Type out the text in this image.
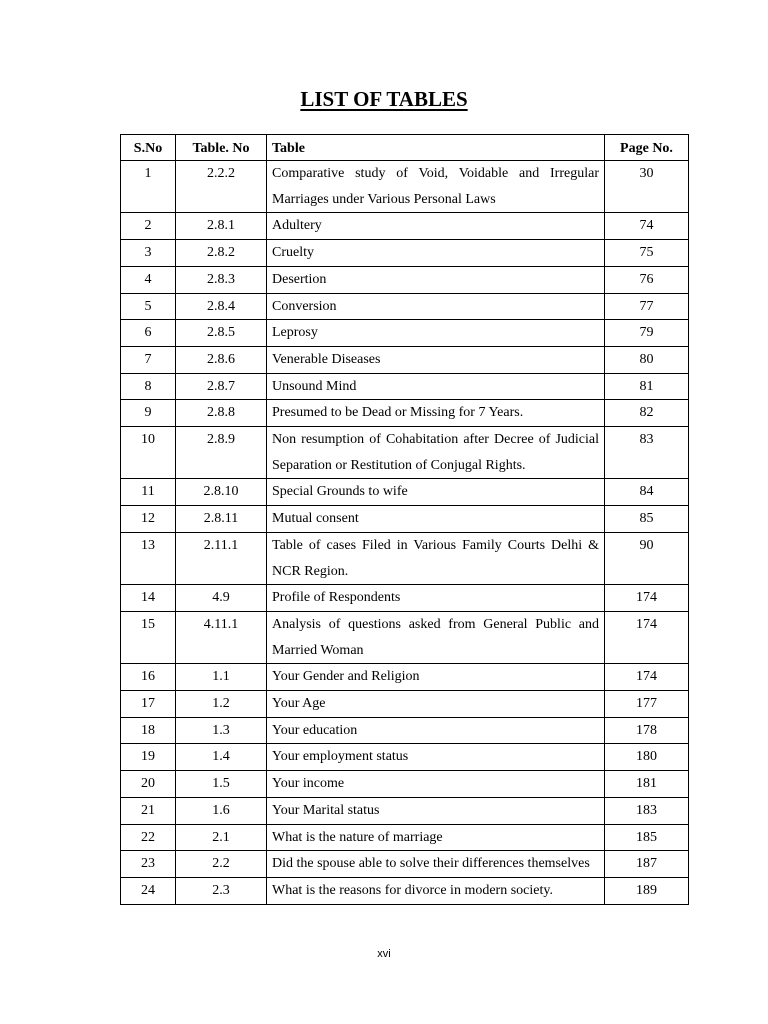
LIST OF TABLES
S.No	Table. No	Table	Page No.
1	2.2.2	Comparative study of Void, Voidable and Irregular Marriages under Various Personal Laws	30
2	2.8.1	Adultery	74
3	2.8.2	Cruelty	75
4	2.8.3	Desertion	76
5	2.8.4	Conversion	77
6	2.8.5	Leprosy	79
7	2.8.6	Venerable Diseases	80
8	2.8.7	Unsound Mind	81
9	2.8.8	Presumed to be Dead or Missing for 7 Years.	82
10	2.8.9	Non resumption of Cohabitation after Decree of Judicial Separation or Restitution of Conjugal Rights.	83
11	2.8.10	Special Grounds to wife	84
12	2.8.11	Mutual consent	85
13	2.11.1	Table of cases Filed in Various Family Courts Delhi & NCR Region.	90
14	4.9	Profile of Respondents	174
15	4.11.1	Analysis of questions asked from General Public and Married Woman	174
16	1.1	Your Gender and Religion	174
17	1.2	Your Age	177
18	1.3	Your education	178
19	1.4	Your employment status	180
20	1.5	Your income	181
21	1.6	Your Marital status	183
22	2.1	What is the nature of marriage	185
23	2.2	Did the spouse able to solve their differences themselves	187
24	2.3	What is the reasons for divorce in modern society.	189
xvi
